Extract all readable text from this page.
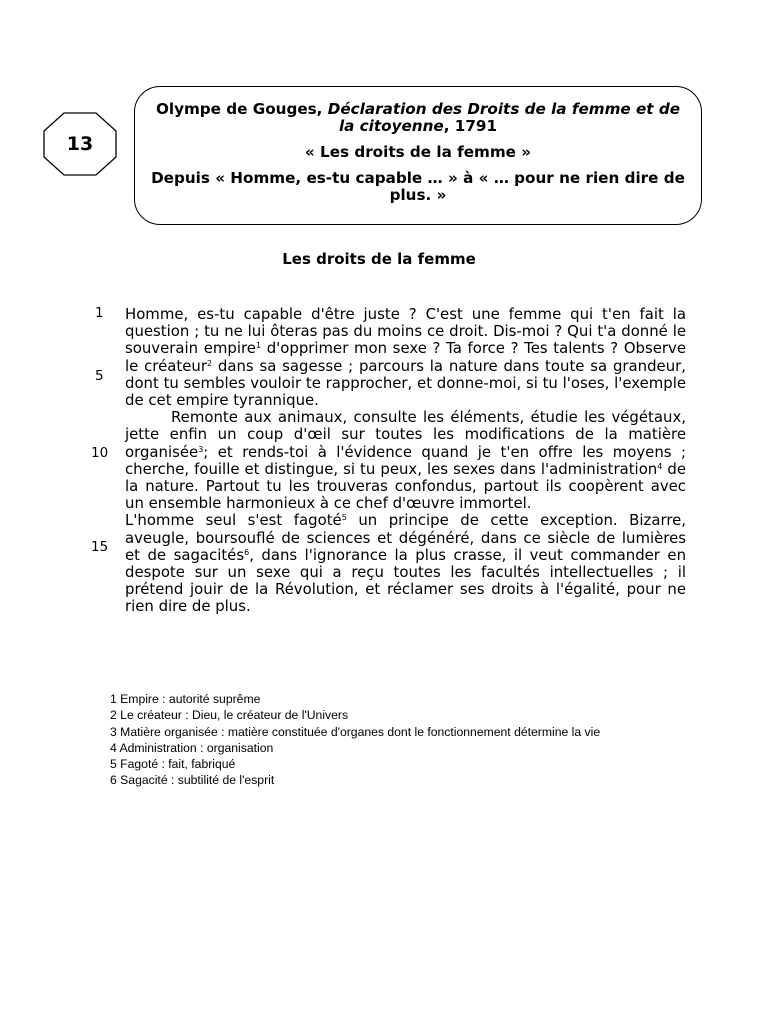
13

Olympe de Gouges, Déclaration des Droits de la femme et de la citoyenne, 1791

« Les droits de la femme »

Depuis « Homme, es-tu capable … » à « … pour ne rien dire de plus. »

Les droits de la femme
1
5
10
15

Homme, es-tu capable d'être juste ? C'est une femme qui t'en fait la question ; tu ne lui ôteras pas du moins ce droit. Dis-moi ? Qui t'a donné le souverain empire$^1$ d'opprimer mon sexe ? Ta force ? Tes talents ? Observe le créateur$^2$ dans sa sagesse ; parcours la nature dans toute sa grandeur, dont tu sembles vouloir te rapprocher, et donne-moi, si tu l'oses, l'exemple de cet empire tyrannique.

Remonte aux animaux, consulte les éléments, étudie les végétaux, jette enfin un coup d'œil sur toutes les modifications de la matière organisée$^3$; et rends-toi à l'évidence quand je t'en offre les moyens ; cherche, fouille et distingue, si tu peux, les sexes dans l'administration$^4$ de la nature. Partout tu les trouveras confondus, partout ils coopèrent avec un ensemble harmonieux à ce chef d'œuvre immortel.

L'homme seul s'est fagoté$^5$ un principe de cette exception. Bizarre, aveugle, boursouflé de sciences et dégénéré, dans ce siècle de lumières et de sagacités$^6$, dans l'ignorance la plus crasse, il veut commander en despote sur un sexe qui a reçu toutes les facultés intellectuelles ; il prétend jouir de la Révolution, et réclamer ses droits à l'égalité, pour ne rien dire de plus.

1 Empire : autorité suprême
2 Le créateur : Dieu, le créateur de l'Univers
3 Matière organisée : matière constituée d'organes dont le fonctionnement détermine la vie
4 Administration : organisation
5 Fagoté : fait, fabriqué
6 Sagacité : subtilité de l'esprit
